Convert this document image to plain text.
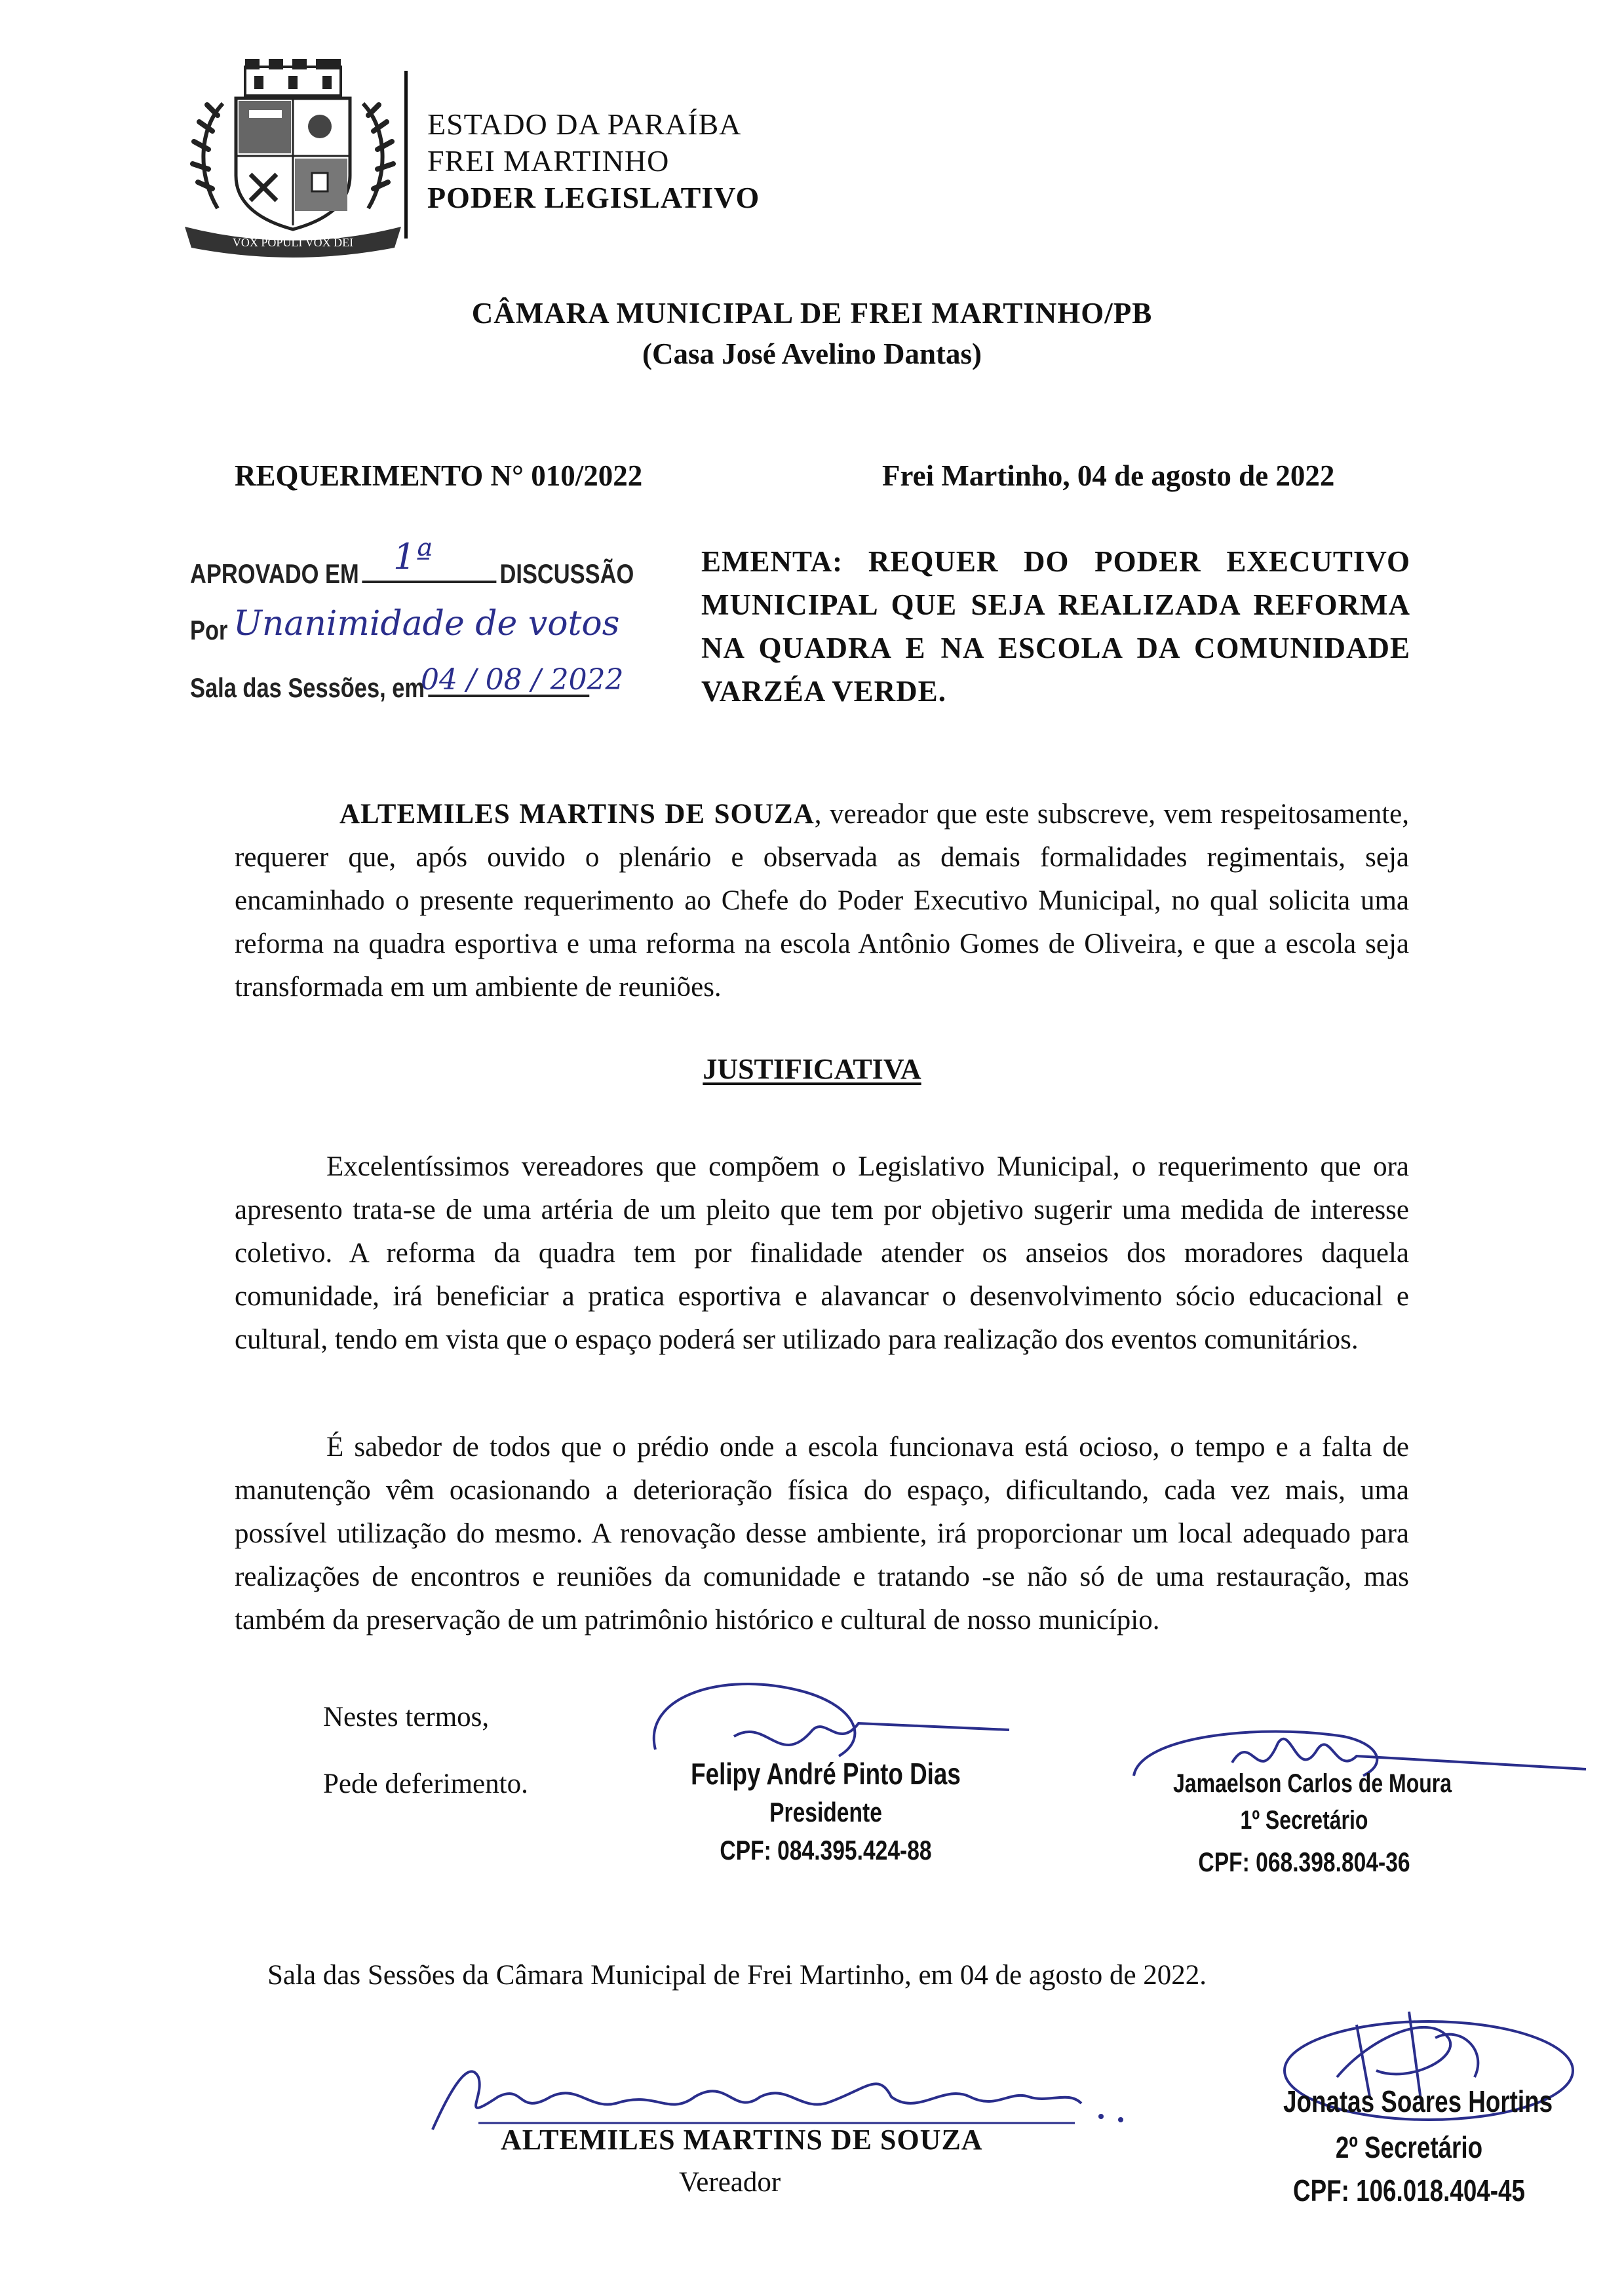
VOX POPULI VOX DEI
ESTADO DA PARAÍBA
FREI MARTINHO
PODER LEGISLATIVO
CÂMARA MUNICIPAL DE FREI MARTINHO/PB
(Casa José Avelino Dantas)
REQUERIMENTO N° 010/2022	Frei Martinho, 04 de agosto de 2022
APROVADO EM	DISCUSSÃO
1ª
Por Unanimidade de votos
Sala das Sessões, em
04 / 08 / 2022
EMENTA: REQUER DO PODER EXECUTIVO MUNICIPAL QUE SEJA REALIZADA REFORMA NA QUADRA E NA ESCOLA DA COMUNIDADE VARZÉA VERDE.
ALTEMILES MARTINS DE SOUZA, vereador que este subscreve, vem respeitosamente, requerer que, após ouvido o plenário e observada as demais formalidades regimentais, seja encaminhado o presente requerimento ao Chefe do Poder Executivo Municipal, no qual solicita uma reforma na quadra esportiva e uma reforma na escola Antônio Gomes de Oliveira, e que a escola seja transformada em um ambiente de reuniões.
JUSTIFICATIVA
Excelentíssimos vereadores que compõem o Legislativo Municipal, o requerimento que ora apresento trata-se de uma artéria de um pleito que tem por objetivo sugerir uma medida de interesse coletivo. A reforma da quadra tem por finalidade atender os anseios dos moradores daquela comunidade, irá beneficiar a pratica esportiva e alavancar o desenvolvimento sócio educacional e cultural, tendo em vista que o espaço poderá ser utilizado para realização dos eventos comunitários.
É sabedor de todos que o prédio onde a escola funcionava está ocioso, o tempo e a falta de manutenção vêm ocasionando a deterioração física do espaço, dificultando, cada vez mais, uma possível utilização do mesmo. A renovação desse ambiente, irá proporcionar um local adequado para realizações de encontros e reuniões da comunidade e tratando -se não só de uma restauração, mas também da preservação de um patrimônio histórico e cultural de nosso município.
Nestes termos,
Pede deferimento.	Felipy André Pinto Dias
Presidente
CPF: 084.395.424-88
Jamaelson Carlos de Moura
1º Secretário
CPF: 068.398.804-36
Sala das Sessões da Câmara Municipal de Frei Martinho, em 04 de agosto de 2022.
ALTEMILES MARTINS DE SOUZA
Vereador
Jonatas Soares Hortins
2º Secretário
CPF: 106.018.404-45
